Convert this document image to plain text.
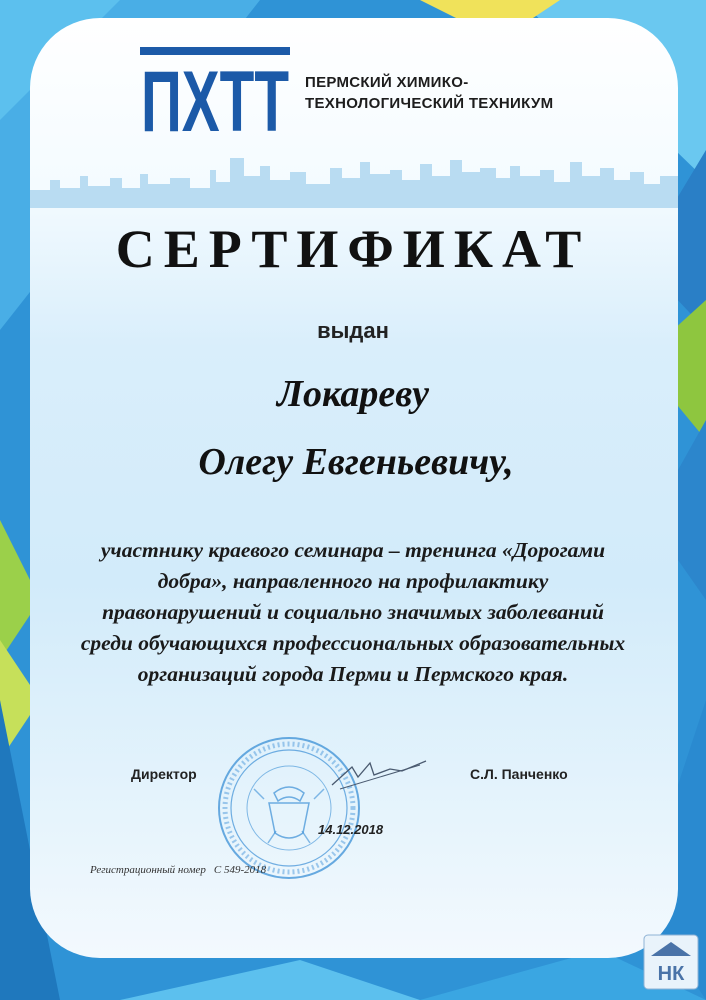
ПХТТ ПЕРМСКИЙ ХИМИКО-
ТЕХНОЛОГИЧЕСКИЙ ТЕХНИКУМ
СЕРТИФИКАТ
выдан
Локареву
Олегу Евгеньевичу,
участнику краевого семинара – тренинга «Дорогами
добра», направленного на профилактику
правонарушений и социально значимых заболеваний
среди обучающихся профессиональных образовательных
организаций города Перми и Пермского края.
Директор	С.Л. Панченко
14.12.2018
Регистрационный номер С 549-2018
НК
